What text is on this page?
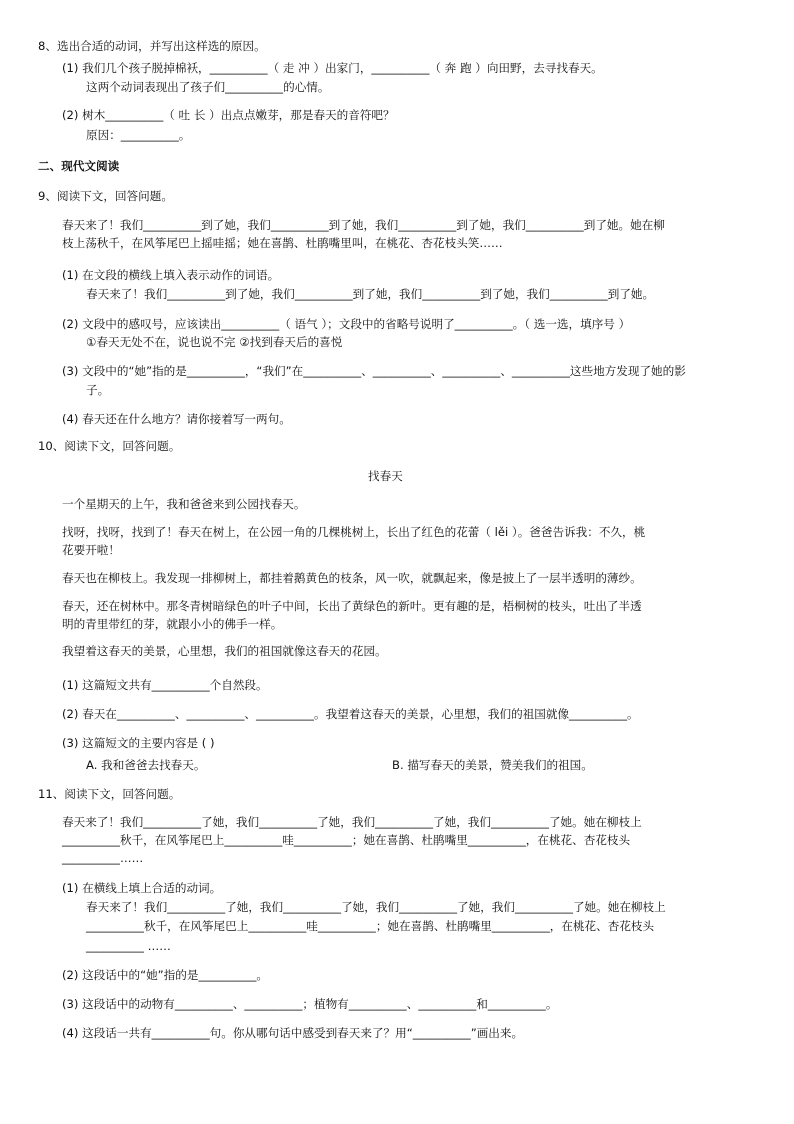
8、选出合适的动词，并写出这样选的原因。
(1) 我们几个孩子脱掉棉袄，__________（ 走 冲 ）出家门，__________（ 奔 跑 ）向田野，去寻找春天。
这两个动词表现出了孩子们__________的心情。
(2) 树木__________（ 吐 长 ）出点点嫩芽，那是春天的音符吧？
原因：__________。
二、现代文阅读
9、阅读下文，回答问题。
春天来了！我们__________到了她，我们__________到了她，我们__________到了她，我们__________到了她。她在柳
枝上荡秋千，在风筝尾巴上摇哇摇；她在喜鹊、杜鹃嘴里叫，在桃花、杏花枝头笑……
(1) 在文段的横线上填入表示动作的词语。
春天来了！我们__________到了她，我们__________到了她，我们__________到了她，我们__________到了她。
(2) 文段中的感叹号，应该读出__________（ 语气 ）；文段中的省略号说明了__________。（ 选一选，填序号 ）
①春天无处不在，说也说不完 ②找到春天后的喜悦
(3) 文段中的“她”指的是__________，“我们”在__________、__________、__________、__________这些地方发现了她的影
子。
(4) 春天还在什么地方？请你接着写一两句。
10、阅读下文，回答问题。
找春天
一个星期天的上午，我和爸爸来到公园找春天。
找呀，找呀，找到了！春天在树上，在公园一角的几棵桃树上，长出了红色的花蕾（ lěi ）。爸爸告诉我：不久，桃
花要开啦！
春天也在柳枝上。我发现一排柳树上，都挂着鹅黄色的枝条，风一吹，就飘起来，像是披上了一层半透明的薄纱。
春天，还在树林中。那冬青树暗绿色的叶子中间，长出了黄绿色的新叶。更有趣的是，梧桐树的枝头，吐出了半透
明的青里带红的芽，就跟小小的佛手一样。
我望着这春天的美景，心里想，我们的祖国就像这春天的花园。
(1) 这篇短文共有__________个自然段。
(2) 春天在__________、__________、__________。我望着这春天的美景，心里想，我们的祖国就像__________。
(3) 这篇短文的主要内容是 ( )
A. 我和爸爸去找春天。	B. 描写春天的美景，赞美我们的祖国。
11、阅读下文，回答问题。
春天来了！我们__________了她，我们__________了她，我们__________了她，我们__________了她。她在柳枝上
__________秋千，在风筝尾巴上__________哇__________；她在喜鹊、杜鹃嘴里__________，在桃花、杏花枝头
__________……
(1) 在横线上填上合适的动词。
春天来了！我们__________了她，我们__________了她，我们__________了她，我们__________了她。她在柳枝上
__________秋千，在风筝尾巴上__________哇__________；她在喜鹊、杜鹃嘴里__________，在桃花、杏花枝头
__________ ……
(2) 这段话中的“她”指的是__________。
(3) 这段话中的动物有__________、__________；植物有__________、__________和__________。
(4) 这段话一共有__________句。你从哪句话中感受到春天来了？用“__________”画出来。
